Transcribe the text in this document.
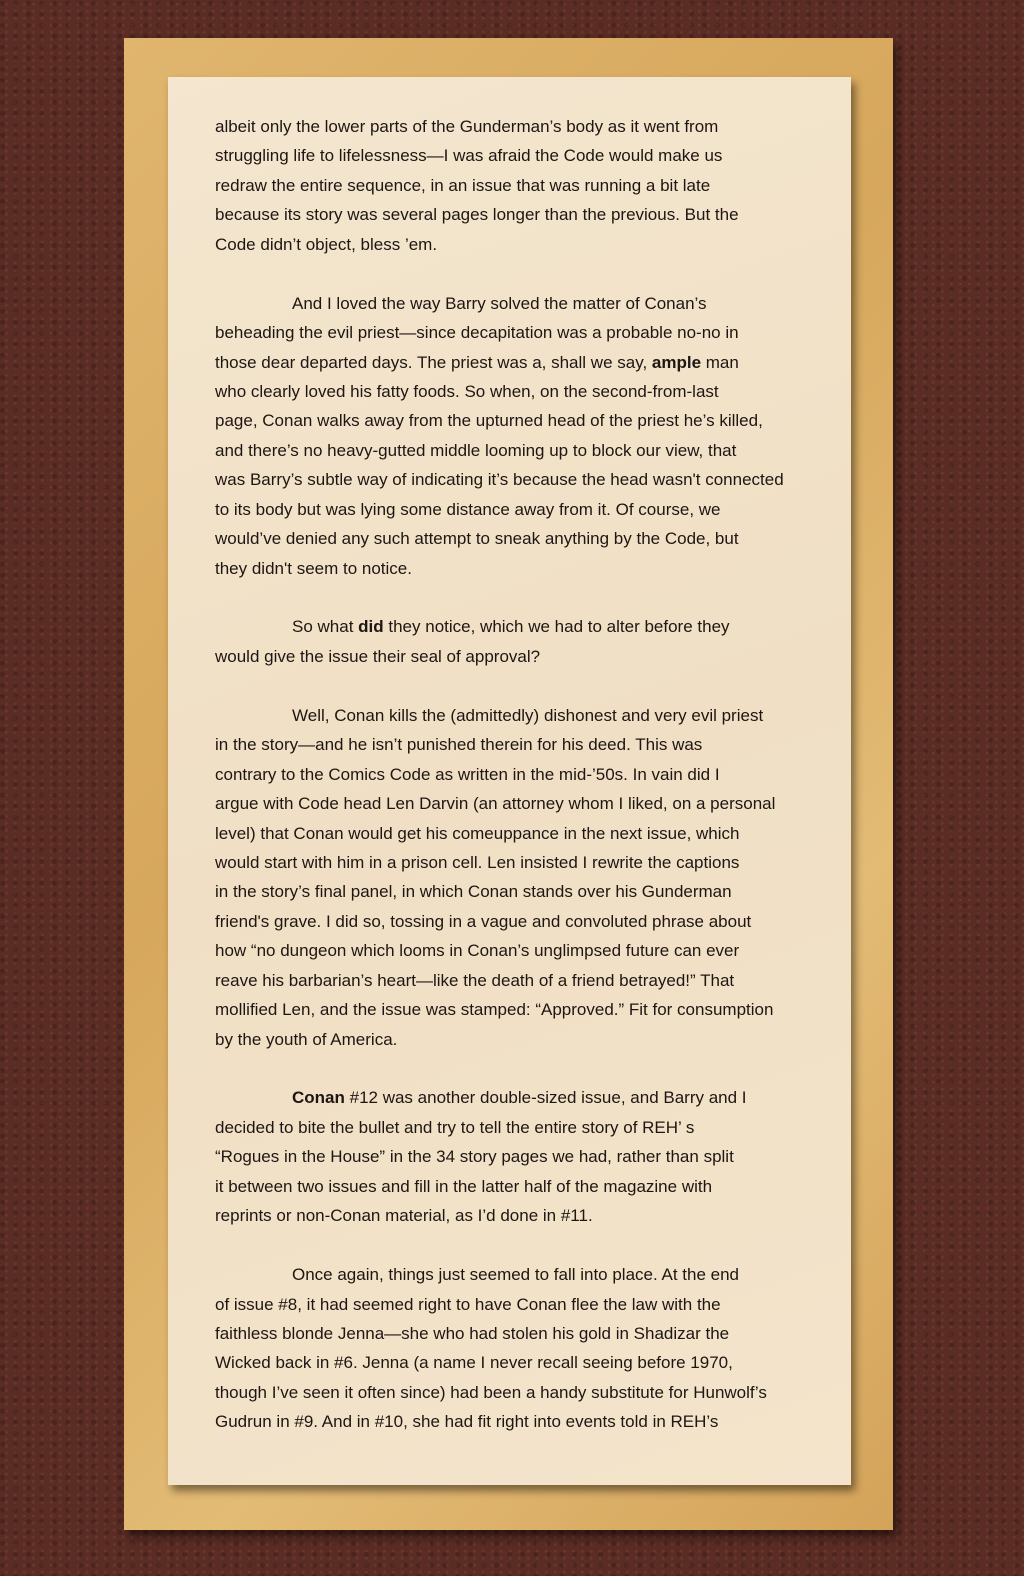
albeit only the lower parts of the Gunderman’s body as it went from
struggling life to lifelessness—I was afraid the Code would make us
redraw the entire sequence, in an issue that was running a bit late
because its story was several pages longer than the previous. But the
Code didn’t object, bless ’em.
And I loved the way Barry solved the matter of Conan’s
beheading the evil priest—since decapitation was a probable no-no in
those dear departed days. The priest was a, shall we say, ample man
who clearly loved his fatty foods. So when, on the second-from-last
page, Conan walks away from the upturned head of the priest he’s killed,
and there’s no heavy-gutted middle looming up to block our view, that
was Barry’s subtle way of indicating it’s because the head wasn't connected
to its body but was lying some distance away from it. Of course, we
would’ve denied any such attempt to sneak anything by the Code, but
they didn't seem to notice.
So what did they notice, which we had to alter before they
would give the issue their seal of approval?
Well, Conan kills the (admittedly) dishonest and very evil priest
in the story—and he isn’t punished therein for his deed. This was
contrary to the Comics Code as written in the mid-’50s. In vain did I
argue with Code head Len Darvin (an attorney whom I liked, on a personal
level) that Conan would get his comeuppance in the next issue, which
would start with him in a prison cell. Len insisted I rewrite the captions
in the story’s final panel, in which Conan stands over his Gunderman
friend's grave. I did so, tossing in a vague and convoluted phrase about
how “no dungeon which looms in Conan’s unglimpsed future can ever
reave his barbarian’s heart—like the death of a friend betrayed!” That
mollified Len, and the issue was stamped: “Approved.” Fit for consumption
by the youth of America.
Conan #12 was another double-sized issue, and Barry and I
decided to bite the bullet and try to tell the entire story of REH’ s
“Rogues in the House” in the 34 story pages we had, rather than split
it between two issues and fill in the latter half of the magazine with
reprints or non-Conan material, as I’d done in #11.
Once again, things just seemed to fall into place. At the end
of issue #8, it had seemed right to have Conan flee the law with the
faithless blonde Jenna—she who had stolen his gold in Shadizar the
Wicked back in #6. Jenna (a name I never recall seeing before 1970,
though I’ve seen it often since) had been a handy substitute for Hunwolf’s
Gudrun in #9. And in #10, she had fit right into events told in REH’s
